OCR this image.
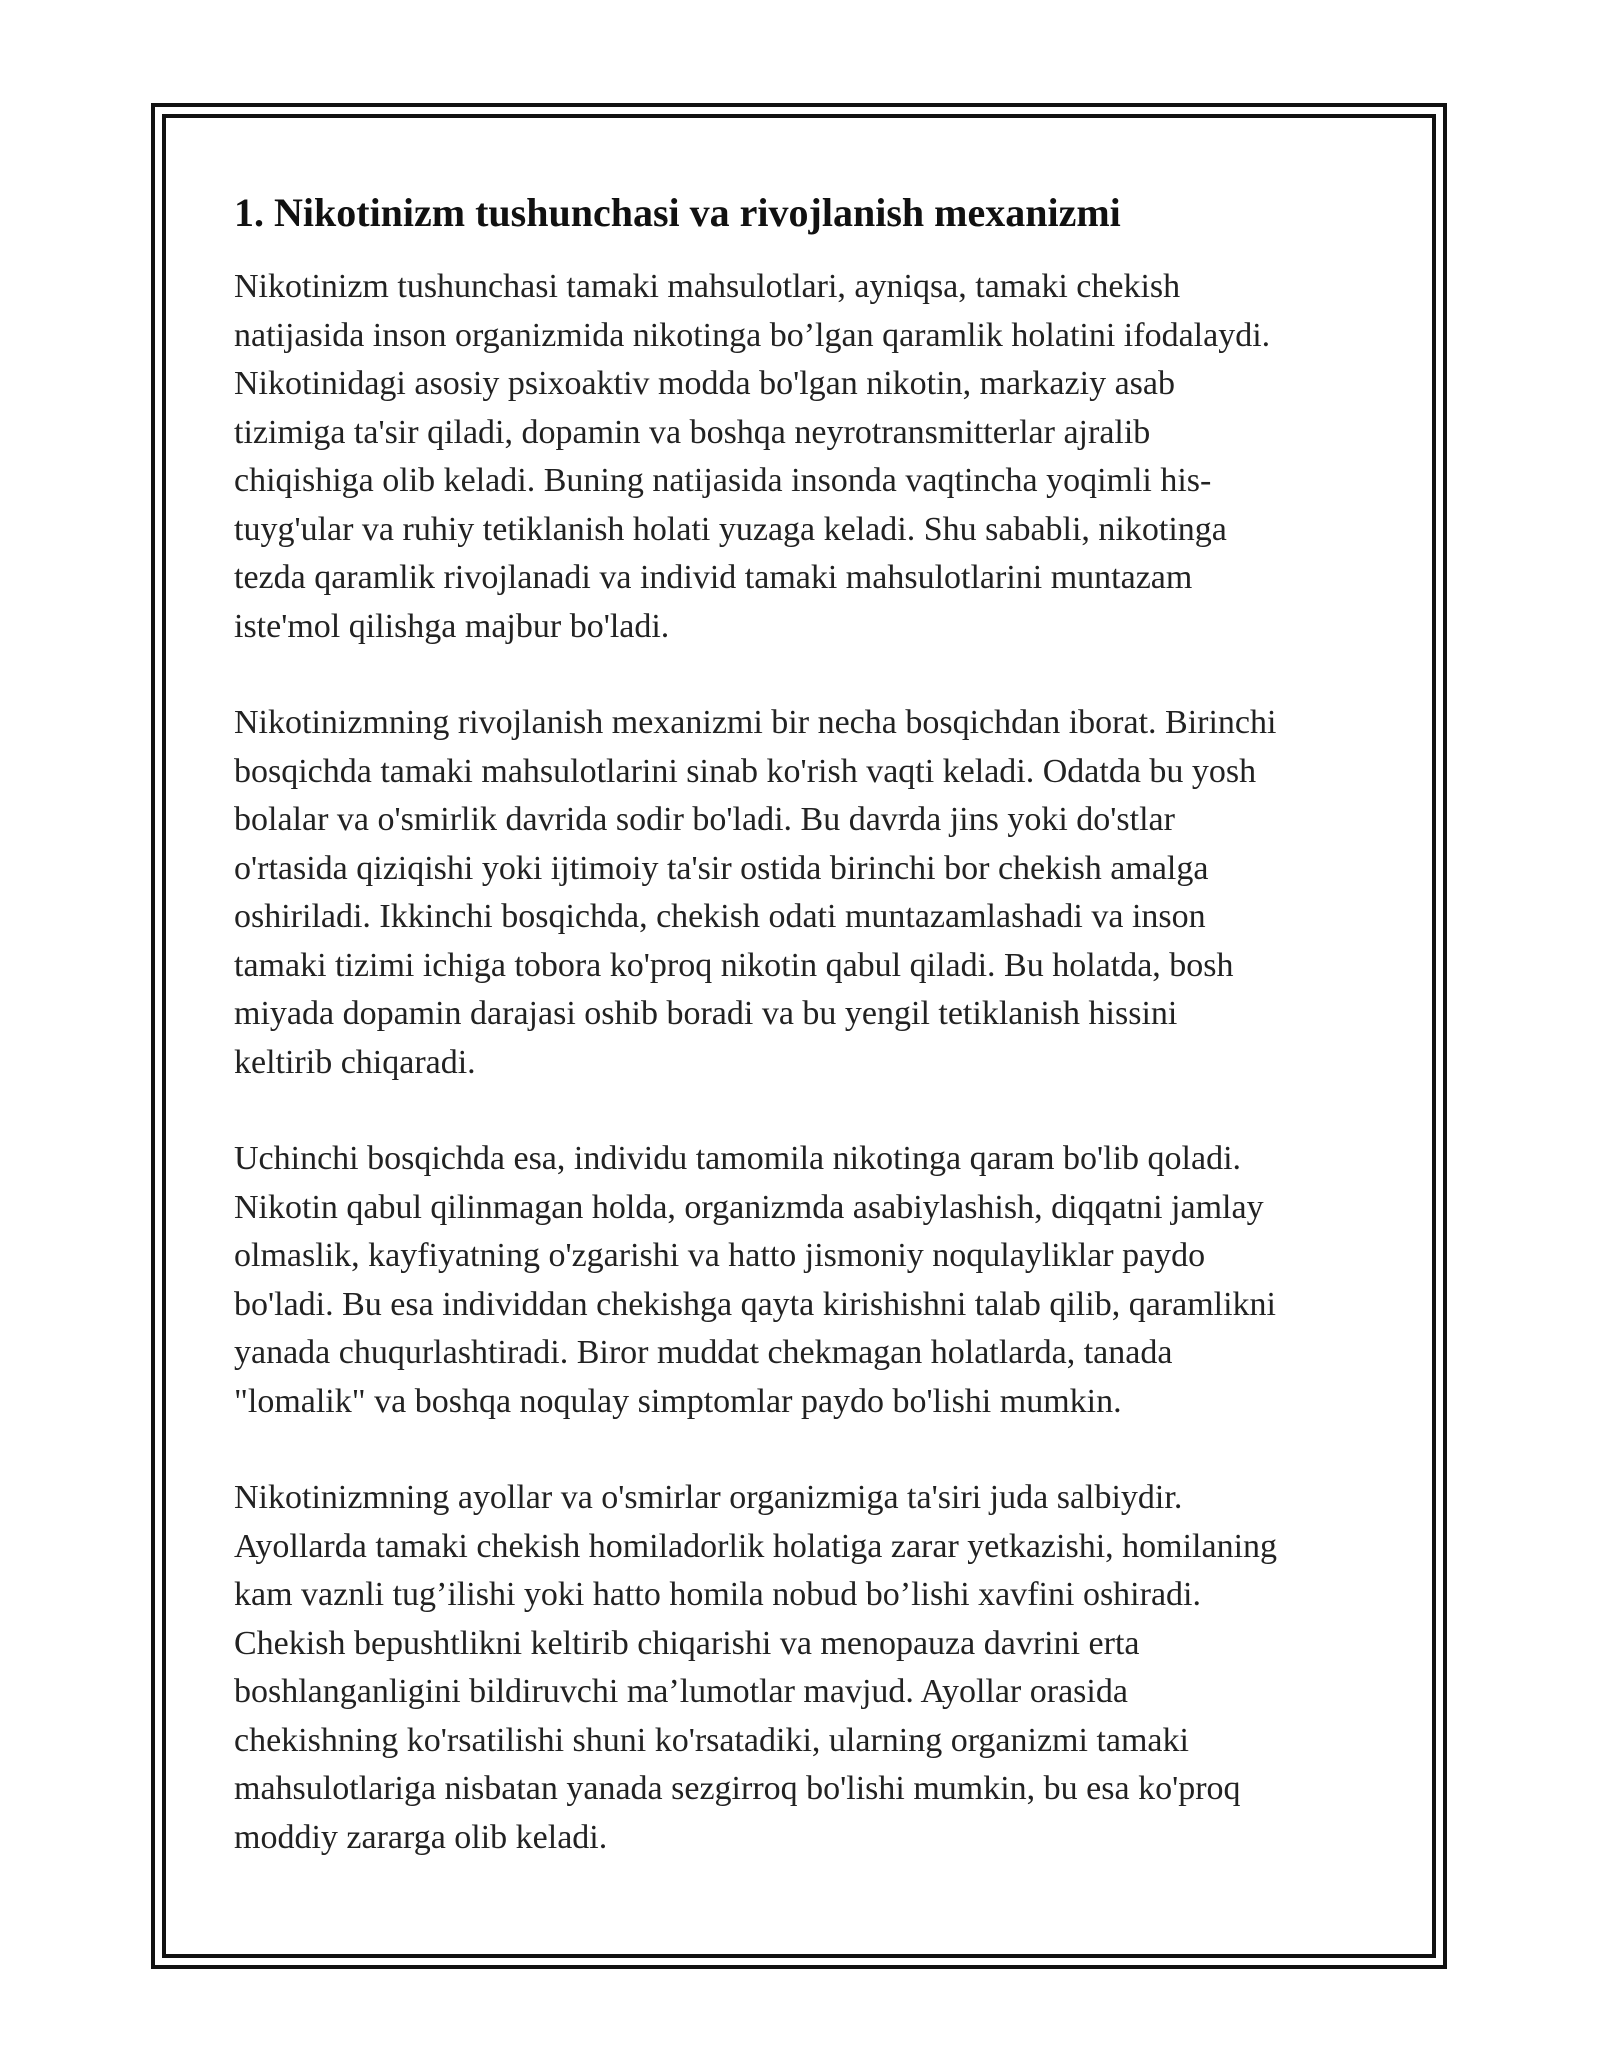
1. Nikotinizm tushunchasi va rivojlanish mexanizmi

Nikotinizm tushunchasi tamaki mahsulotlari, ayniqsa, tamaki chekish
natijasida inson organizmida nikotinga bo’lgan qaramlik holatini ifodalaydi.
Nikotinidagi asosiy psixoaktiv modda bo'lgan nikotin, markaziy asab
tizimiga ta'sir qiladi, dopamin va boshqa neyrotransmitterlar ajralib
chiqishiga olib keladi. Buning natijasida insonda vaqtincha yoqimli his-
tuyg'ular va ruhiy tetiklanish holati yuzaga keladi. Shu sababli, nikotinga
tezda qaramlik rivojlanadi va individ tamaki mahsulotlarini muntazam
iste'mol qilishga majbur bo'ladi.

Nikotinizmning rivojlanish mexanizmi bir necha bosqichdan iborat. Birinchi
bosqichda tamaki mahsulotlarini sinab ko'rish vaqti keladi. Odatda bu yosh
bolalar va o'smirlik davrida sodir bo'ladi. Bu davrda jins yoki do'stlar
o'rtasida qiziqishi yoki ijtimoiy ta'sir ostida birinchi bor chekish amalga
oshiriladi. Ikkinchi bosqichda, chekish odati muntazamlashadi va inson
tamaki tizimi ichiga tobora ko'proq nikotin qabul qiladi. Bu holatda, bosh
miyada dopamin darajasi oshib boradi va bu yengil tetiklanish hissini
keltirib chiqaradi.

Uchinchi bosqichda esa, individu tamomila nikotinga qaram bo'lib qoladi.
Nikotin qabul qilinmagan holda, organizmda asabiylashish, diqqatni jamlay
olmaslik, kayfiyatning o'zgarishi va hatto jismoniy noqulayliklar paydo
bo'ladi. Bu esa individdan chekishga qayta kirishishni talab qilib, qaramlikni
yanada chuqurlashtiradi. Biror muddat chekmagan holatlarda, tanada
"lomalik" va boshqa noqulay simptomlar paydo bo'lishi mumkin.

Nikotinizmning ayollar va o'smirlar organizmiga ta'siri juda salbiydir.
Ayollarda tamaki chekish homiladorlik holatiga zarar yetkazishi, homilaning
kam vaznli tug’ilishi yoki hatto homila nobud bo’lishi xavfini oshiradi.
Chekish bepushtlikni keltirib chiqarishi va menopauza davrini erta
boshlanganligini bildiruvchi ma’lumotlar mavjud. Ayollar orasida
chekishning ko'rsatilishi shuni ko'rsatadiki, ularning organizmi tamaki
mahsulotlariga nisbatan yanada sezgirroq bo'lishi mumkin, bu esa ko'proq
moddiy zararga olib keladi.
